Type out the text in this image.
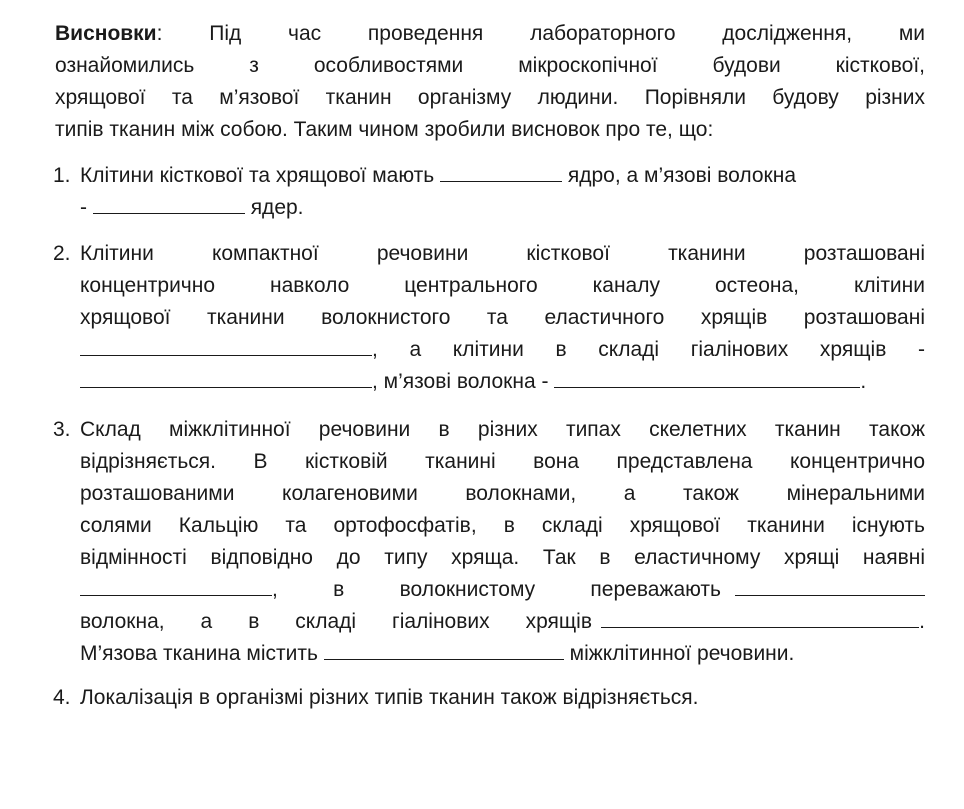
Висновки: Під час проведення лабораторного дослідження, ми
ознайомились з особливостями мікроскопічної будови кісткової,
хрящової та м’язової тканин організму людини. Порівняли будову різних
типів тканин між собою. Таким чином зробили висновок про те, що:
1. Клітини кісткової та хрящової мають	ядро, а м’язові волокна
-	ядер.
2. Клітини компактної речовини кісткової тканини розташовані
концентрично навколо центрального каналу остеона, клітини
хрящової тканини волокнистого та еластичного хрящів розташовані
, а клітини в складі гіалінових хрящів -
, м’язові волокна -	.
3. Склад міжклітинної речовини в різних типах скелетних тканин також
відрізняється. В кістковій тканині вона представлена концентрично
розташованими колагеновими волокнами, а також мінеральними
солями Кальцію та ортофосфатів, в складі хрящової тканини існують
відмінності відповідно до типу хряща. Так в еластичному хрящі наявні
, в волокнистому переважають
волокна, а в складі гіалінових хрящів	.
М’язова тканина містить	міжклітинної речовини.
4. Локалізація в організмі різних типів тканин також відрізняється.
